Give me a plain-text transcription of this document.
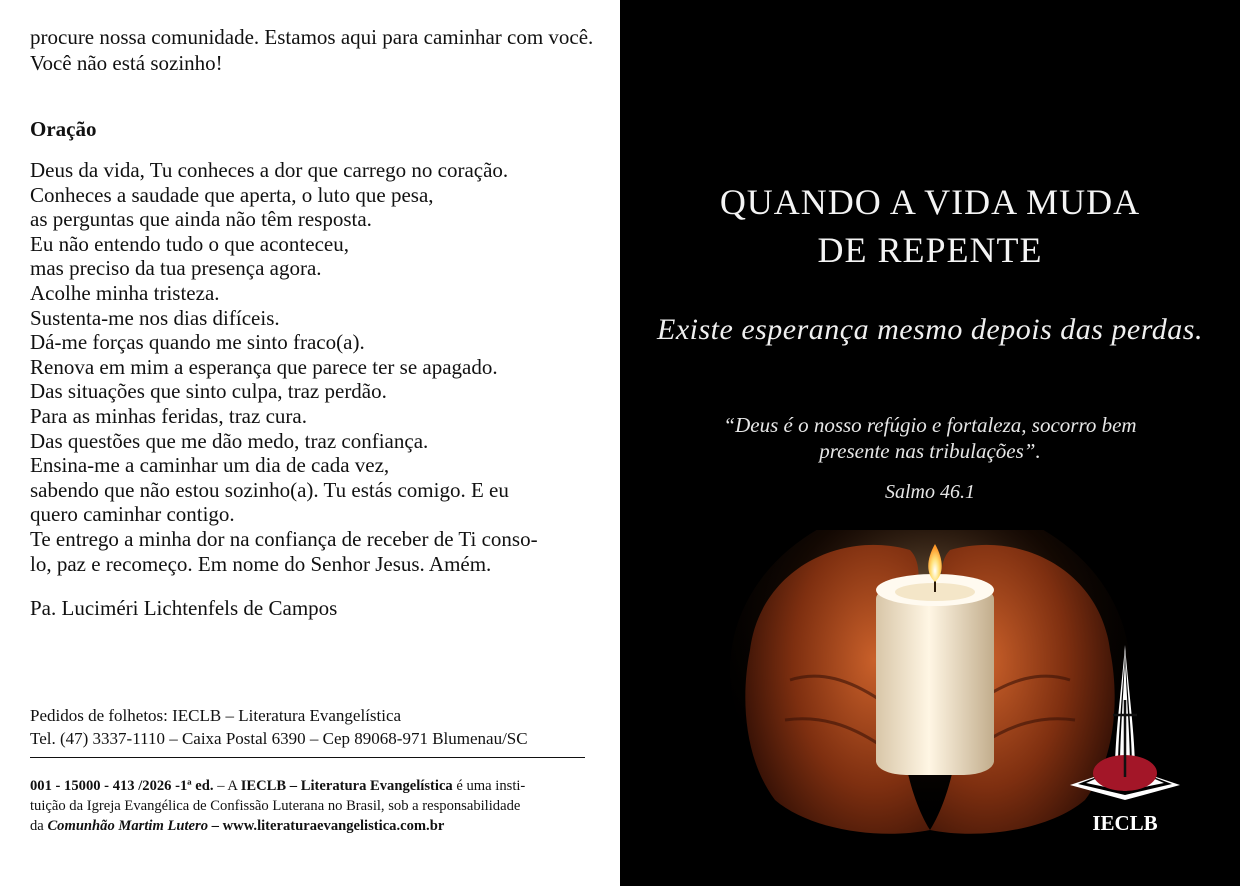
procure nossa comunidade. Estamos aqui para caminhar com você.
Você não está sozinho!

Oração

Deus da vida, Tu conheces a dor que carrego no coração.
Conheces a saudade que aperta, o luto que pesa,
as perguntas que ainda não têm resposta.
Eu não entendo tudo o que aconteceu,
mas preciso da tua presença agora.
Acolhe minha tristeza.
Sustenta-me nos dias difíceis.
Dá-me forças quando me sinto fraco(a).
Renova em mim a esperança que parece ter se apagado.
Das situações que sinto culpa, traz perdão.
Para as minhas feridas, traz cura.
Das questões que me dão medo, traz confiança.
Ensina-me a caminhar um dia de cada vez,
sabendo que não estou sozinho(a). Tu estás comigo. E eu
quero caminhar contigo.
Te entrego a minha dor na confiança de receber de Ti conso-
lo, paz e recomeço. Em nome do Senhor Jesus. Amém.

Pa. Luciméri Lichtenfels de Campos

Pedidos de folhetos: IECLB – Literatura Evangelística
Tel. (47) 3337-1110 – Caixa Postal 6390 – Cep 89068-971 Blumenau/SC
001 - 15000 - 413 /2026 -1ª ed. – A IECLB – Literatura Evangelística é uma insti-
tuição da Igreja Evangélica de Confissão Luterana no Brasil, sob a responsabilidade
da Comunhão Martim Lutero – www.literaturaevangelistica.com.br
QUANDO A VIDA MUDA
DE REPENTE

Existe esperança mesmo depois das perdas.

“Deus é o nosso refúgio e fortaleza, socorro bem
presente nas tribulações”.

Salmo 46.1

IECLB
